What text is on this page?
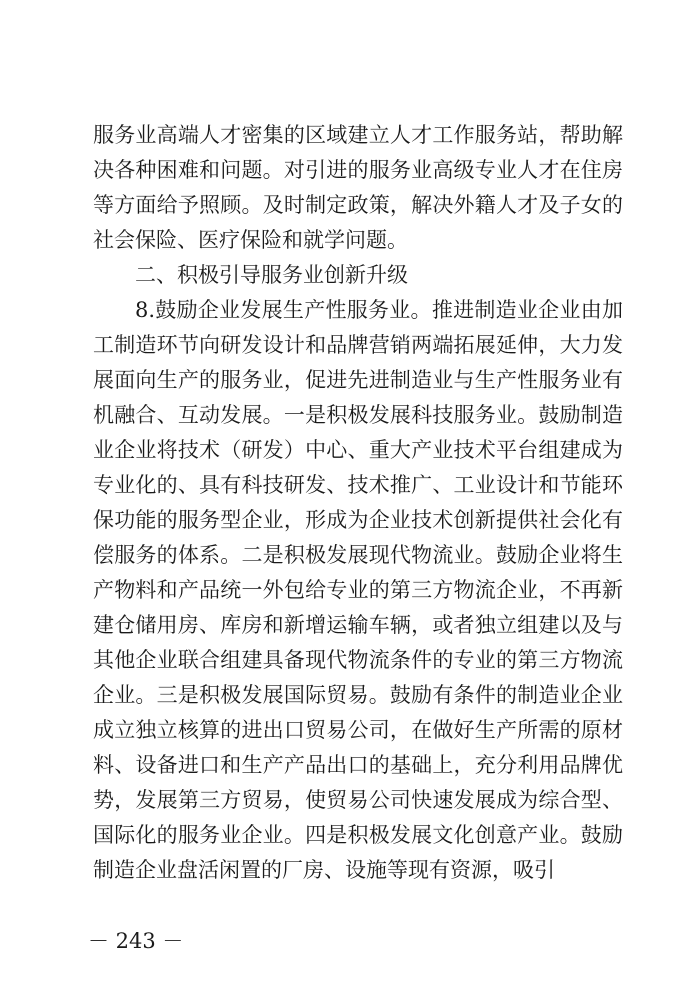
服务业高端人才密集的区域建立人才工作服务站，帮助解决各种困难和问题。对引进的服务业高级专业人才在住房等方面给予照顾。及时制定政策，解决外籍人才及子女的社会保险、医疗保险和就学问题。

二、积极引导服务业创新升级

8.鼓励企业发展生产性服务业。推进制造业企业由加工制造环节向研发设计和品牌营销两端拓展延伸，大力发展面向生产的服务业，促进先进制造业与生产性服务业有机融合、互动发展。一是积极发展科技服务业。鼓励制造业企业将技术（研发）中心、重大产业技术平台组建成为专业化的、具有科技研发、技术推广、工业设计和节能环保功能的服务型企业，形成为企业技术创新提供社会化有偿服务的体系。二是积极发展现代物流业。鼓励企业将生产物料和产品统一外包给专业的第三方物流企业，不再新建仓储用房、库房和新增运输车辆，或者独立组建以及与其他企业联合组建具备现代物流条件的专业的第三方物流企业。三是积极发展国际贸易。鼓励有条件的制造业企业成立独立核算的进出口贸易公司，在做好生产所需的原材料、设备进口和生产产品出口的基础上，充分利用品牌优势，发展第三方贸易，使贸易公司快速发展成为综合型、国际化的服务业企业。四是积极发展文化创意产业。鼓励制造企业盘活闲置的厂房、设施等现有资源，吸引

－ 243 －
